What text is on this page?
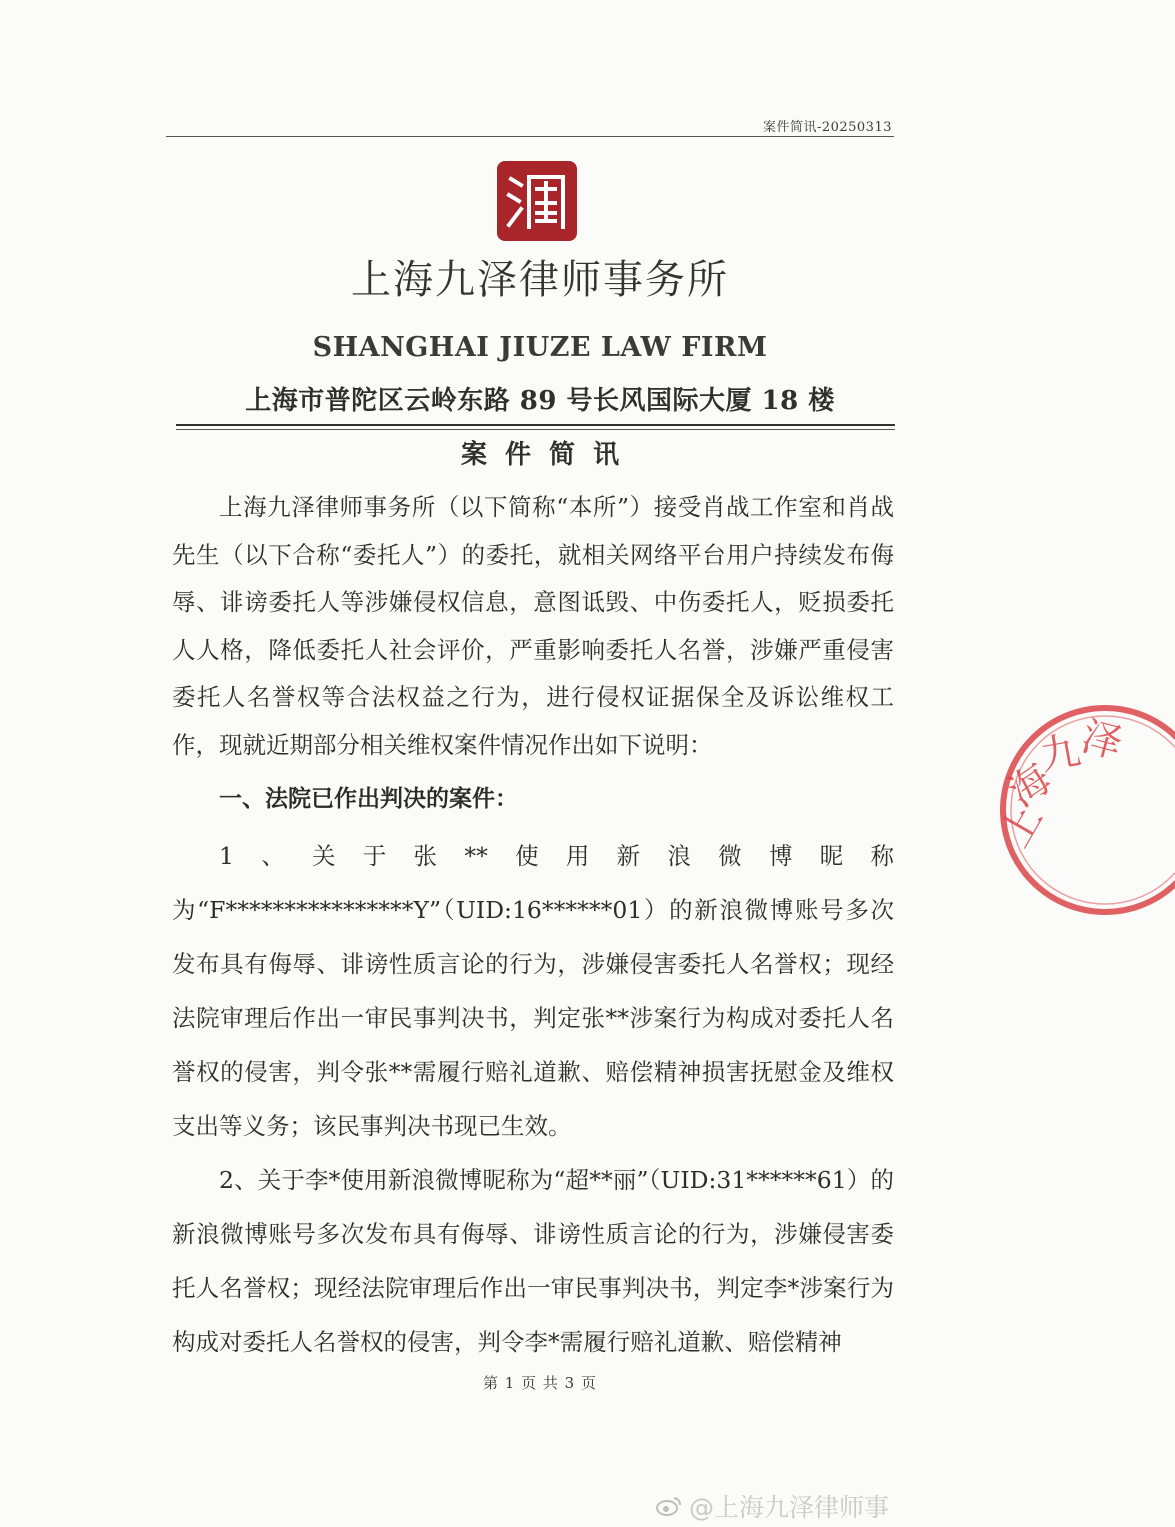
案件简讯-20250313
上海九泽律师事务所
SHANGHAI JIUZE LAW FIRM
上海市普陀区云岭东路 89 号长风国际大厦 18 楼
案件简讯

上海九泽律师事务所（以下简称“本所”）接受肖战工作室和肖战先生（以下合称“委托人”）的委托，就相关网络平台用户持续发布侮辱、诽谤委托人等涉嫌侵权信息，意图诋毁、中伤委托人，贬损委托人人格，降低委托人社会评价，严重影响委托人名誉，涉嫌严重侵害委托人名誉权等合法权益之行为，进行侵权证据保全及诉讼维权工作，现就近期部分相关维权案件情况作出如下说明：

一、法院已作出判决的案件：

1、关于张**使用新浪微博昵称为“F****************Y”（UID:16******01）的新浪微博账号多次发布具有侮辱、诽谤性质言论的行为，涉嫌侵害委托人名誉权；现经法院审理后作出一审民事判决书，判定张**涉案行为构成对委托人名誉权的侵害，判令张**需履行赔礼道歉、赔偿精神损害抚慰金及维权支出等义务；该民事判决书现已生效。

2、关于李*使用新浪微博昵称为“超**丽”（UID:31******61）的新浪微博账号多次发布具有侮辱、诽谤性质言论的行为，涉嫌侵害委托人名誉权；现经法院审理后作出一审民事判决书，判定李*涉案行为构成对委托人名誉权的侵害，判令李*需履行赔礼道歉、赔偿精神

第 1 页 共 3 页
上
海
九
泽
@上海九泽律师事
